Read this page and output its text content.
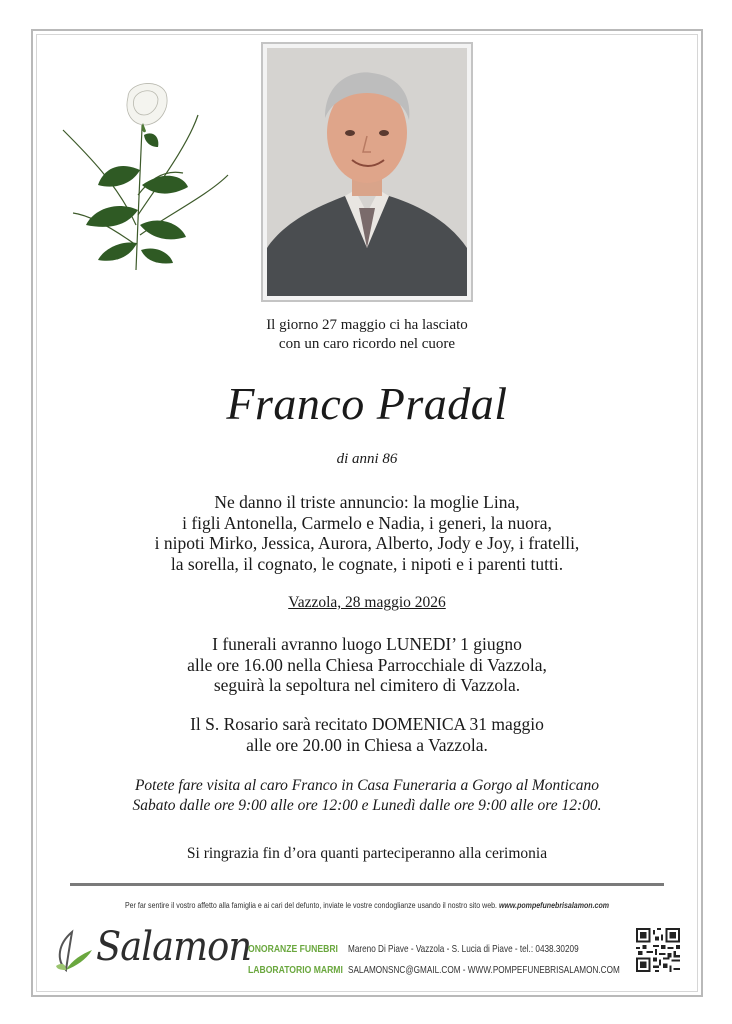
Il giorno 27 maggio ci ha lasciato
con un caro ricordo nel cuore
Franco Pradal
di anni 86
Ne danno il triste annuncio: la moglie Lina,
i figli Antonella, Carmelo e Nadia, i generi, la nuora,
i nipoti Mirko, Jessica, Aurora, Alberto, Jody e Joy, i fratelli,
la sorella, il cognato, le cognate, i nipoti e i parenti tutti.
Vazzola, 28 maggio 2026
I funerali avranno luogo LUNEDI’ 1 giugno
alle ore 16.00 nella Chiesa Parrocchiale di Vazzola,
seguirà la sepoltura nel cimitero di Vazzola.
Il S. Rosario sarà recitato DOMENICA 31 maggio
alle ore 20.00 in Chiesa a Vazzola.
Potete fare visita al caro Franco in Casa Funeraria a Gorgo al Monticano
Sabato dalle ore 9:00 alle ore 12:00 e Lunedì dalle ore 9:00 alle ore 12:00.
Si ringrazia fin d’ora quanti parteciperanno alla cerimonia
Per far sentire il vostro affetto alla famiglia e ai cari del defunto, inviate le vostre condoglianze usando il nostro sito web. www.pompefunebrisalamon.com
Salamon
ONORANZE FUNEBRI
LABORATORIO MARMI
Mareno Di Piave - Vazzola - S. Lucia di Piave - tel.: 0438.30209
SALAMONSNC@GMAIL.COM - WWW.POMPEFUNEBRISALAMON.COM
